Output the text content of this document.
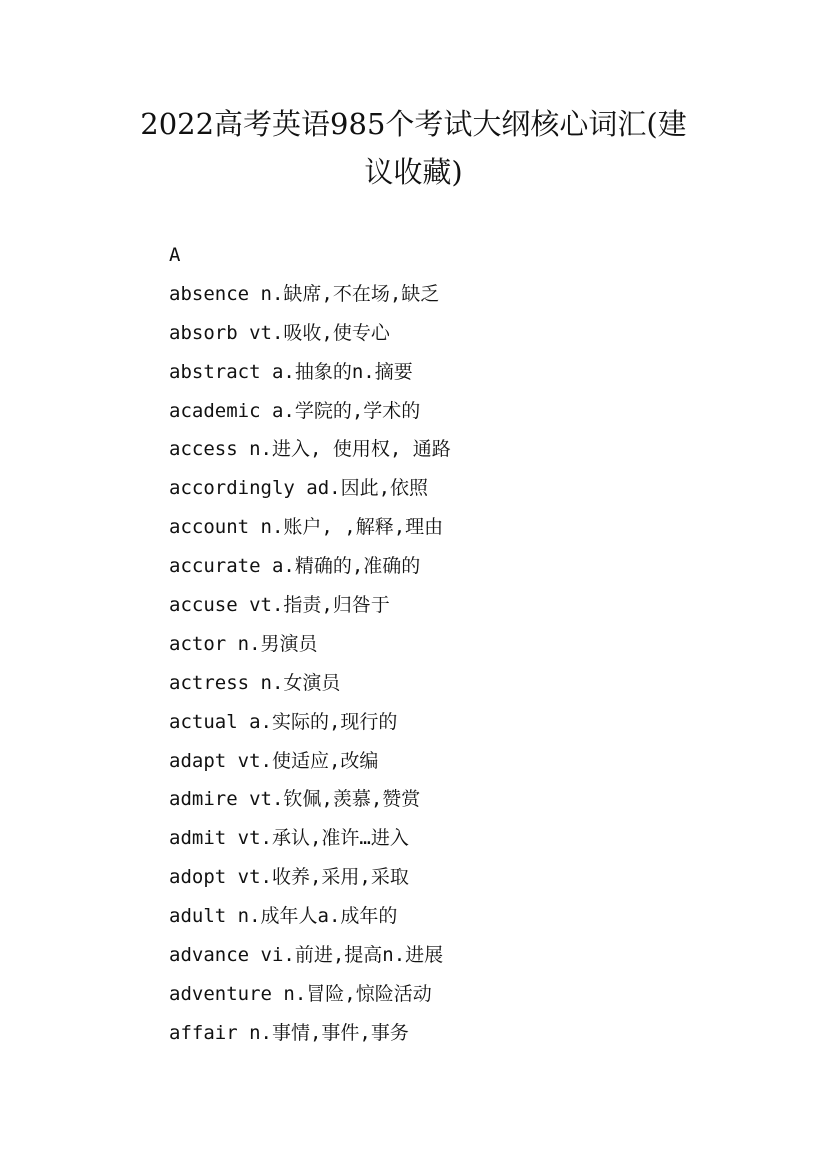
2022高考英语985个考试大纲核心词汇(建
议收藏)
A
absence n.缺席,不在场,缺乏
absorb vt.吸收,使专心
abstract a.抽象的n.摘要
academic a.学院的,学术的
access n.进入, 使用权, 通路
accordingly ad.因此,依照
account n.账户, ,解释,理由
accurate a.精确的,准确的
accuse vt.指责,归咎于
actor n.男演员
actress n.女演员
actual a.实际的,现行的
adapt vt.使适应,改编
admire vt.钦佩,羡慕,赞赏
admit vt.承认,准许…进入
adopt vt.收养,采用,采取
adult n.成年人a.成年的
advance vi.前进,提高n.进展
adventure n.冒险,惊险活动
affair n.事情,事件,事务
